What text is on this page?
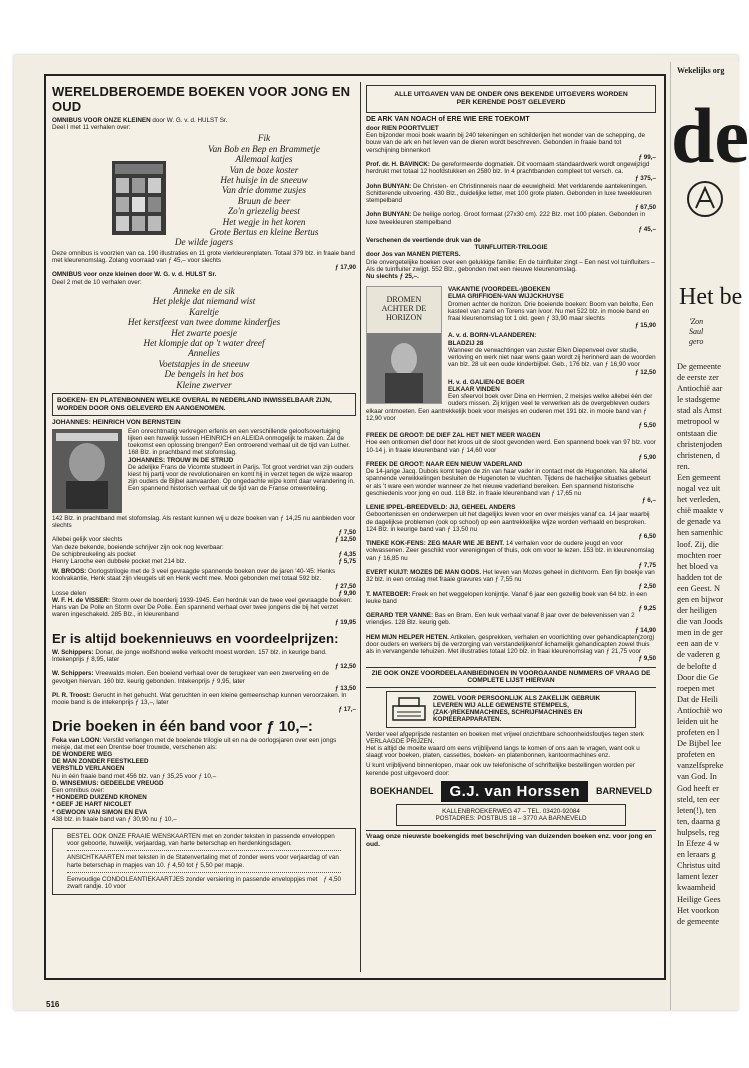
WERELDBEROEMDE BOEKEN VOOR JONG EN OUD

OMNIBUS VOOR ONZE KLEINEN door W. G. v. d. HULST Sr.

Deel I met 11 verhalen over:

Fik

Van Bob en Bep en Brammetje

Allemaal katjes

Van de boze koster

Het huisje in de sneeuw

Van drie domme zusjes

Bruun de beer

Zo'n griezelig beest

Het wegje in het koren

Grote Bertus en kleine Bertus

De wilde jagers

Deze omnibus is voorzien van ca. 190 illustraties en 11 grote vierkleurenplaten. Totaal 379 blz. in fraaie band met kleurenomslag. Zolang voorraad van ƒ 45,– voor slechts

ƒ 17,90

OMNIBUS voor onze kleinen door W. G. v. d. HULST Sr.

Deel 2 met de 10 verhalen over:

Anneke en de sik

Het plekje dat niemand wist

Kareltje

Het kerstfeest van twee domme kinderfjes

Het zwarte poesje

Het klompje dat op 't water dreef

Annelies

Voetstapjes in de sneeuw

De bengels in het bos

Kleine zwerver

BOEKEN- EN PLATENBONNEN WELKE OVERAL IN NEDERLAND INWISSELBAAR ZIJN, WORDEN DOOR ONS GELEVERD EN AANGENOMEN.

JOHANNES: HEINRICH VON BERNSTEIN

Een onrechtmatig verkregen erfenis en een verschillende geloofsovertuiging lijken een huwelijk tussen HEINRICH en ALEIDA onmogelijk te maken. Zal de toekomst een oplossing brengen? Een ontroerend verhaal uit de tijd van Luther. 168 Blz. in prachtband met stofomslag.

JOHANNES: TROUW IN DE STRIJD

De adelijke Frans de Vicomte studeert in Parijs. Tot groot verdriet van zijn ouders kiest hij partij voor de revolutionairen en komt hij in verzet tegen de wijze waarop zijn ouders de Bijbel aanvaarden. Op ongedachte wijze komt daar verandering in. Een spannend historisch verhaal uit de tijd van de Franse omwenteling.

142 Blz. in prachtband met stofomslag. Als restant kunnen wij u deze boeken van ƒ 14,25 nu aanbieden voor slechts

ƒ 7,50
Allebei gelijk voor slechts	ƒ 12,50

Van deze bekende, boeiende schrijver zijn ook nog leverbaar:

De schipbreukeling als pocket	ƒ 4,35
Henry Laroche een dubbele pocket met 214 blz.	ƒ 5,75

W. BROOS: Oorlogstrilogie met de 3 veel gevraagde spannende boeken over de jaren '40-'45: Henks koolvakantie, Henk staat zijn vleugels uit en Henk vecht mee. Mooi gebonden met totaal 592 blz.

ƒ 27,50
Losse delen	ƒ 9,90

W. F. H. de VISSER: Storm over de boerderij 1939-1945. Een herdruk van de twee veel gevraagde boeken: Hans van De Polle en Storm over De Polle. Een spannend verhaal over twee jongens die bij het verzet waren ingeschakeld. 285 Blz., in kleurenband

ƒ 19,95
Er is altijd boekennieuws en voordeelprijzen:

W. Schippers: Donar, de jonge wolfshond welke verkocht moest worden. 157 blz. in keurige band. Intekenprijs ƒ 8,95, later

ƒ 12,50

W. Schippers: Vreewalds molen. Een boeiend verhaal over de terugkeer van een zwerveling en de gevolgen hiervan. 160 blz. keurig gebonden. Intekenprijs ƒ 9,95, later

ƒ 13,50

Pl. R. Troost: Gerucht in het gehucht. Wat geruchten in een kleine gemeenschap kunnen veroorzaken. In mooie band is de intekenprijs ƒ 13,–, later

ƒ 17,–
Drie boeken in één band voor ƒ 10,–:

Foka van LOON: Verstild verlangen met de boeiende trilogie uit en na de oorlogsjaren over een jongs meisje, dat met een Drentse boer trouwde, verschenen als:

DE WONDERE WEG

DE MAN ZONDER FEESTKLEED

VERSTILD VERLANGEN

Nu in één fraaie band met 456 blz. van ƒ 35,25 voor ƒ 10,–

D. WINSEMIUS: GEDEELDE VREUGD

Een omnibus over:

* HONDERD DUIZEND KRONEN

* GEEF JE HART NICOLET

* GEWOON VAN SIMON EN EVA

438 blz. in fraaie band van ƒ 30,90 nu ƒ 10,–

BESTEL OOK ONZE FRAAIE WENSKAARTEN met en zonder teksten in passende enveloppen voor geboorte, huwelijk, verjaardag, van harte beterschap en herdenkingsdagen.

ANSICHTKAARTEN met teksten in de Statenvertaling met of zonder wens voor verjaardag of van harte beterschap in mapjes van 10. ƒ 4,50 tot ƒ 5,50 per mapje.

Eenvoudige CONDOLEANTIEKAARTJES zonder versiering in passende enveloppjes met zwart randje. 10 voor
ƒ 4,50
ALLE UITGAVEN VAN DE ONDER ONS BEKENDE UITGEVERS WORDEN PER KERENDE POST GELEVERD

DE ARK VAN NOACH of ERE WIE ERE TOEKOMT

door RIEN POORTVLIET

Een bijzonder mooi boek waarin bij 240 tekeningen en schilderijen het wonder van de schepping, de bouw van de ark en het leven van de dieren wordt beschreven. Gebonden in fraaie band tot verschijning binnenkort

ƒ 99,–

Prof. dr. H. BAVINCK: De gereformeerde dogmatiek. Dit voornaam standaardwerk wordt ongewijzigd herdrukt met totaal 12 hoofdstukken en 2580 blz. In 4 prachtbanden compleet tot versch. ca.

ƒ 375,–

John BUNYAN: De Christen- en Christinnereis naar de eeuwigheid. Met verklarende aantekeningen. Schitterende uitvoering. 430 Blz., duidelijke letter, met 100 grote platen. Gebonden in luxe tweekleuren stempelband

ƒ 67,50

John BUNYAN: De heilige oorlog. Groot formaat (27x30 cm). 222 Blz. met 100 platen. Gebonden in luxe tweekleuren stempelband

ƒ 45,–

Verschenen de veertiende druk van de

TUINFLUITER-TRILOGIE

door Jos van MANEN PIETERS.

Drie onvergetelijke boeken over een gelukkige familie: En de tuinfluiter zingt – Een nest vol tuinfluiters – Als de tuinfluiter zwijgt. 552 Blz., gebonden met een nieuwe kleurenomslag.

Nu slechts ƒ 25,–.

DROMEN ACHTER DE HORIZON

VAKANTIE (VOORDEEL-)BOEKEN

ELMA GRIFFIOEN-VAN WIJJCKHUYSE

Dromen achter de horizon. Drie boeiende boeken: Boom van belofte, Een kasteel van zand en Torens van ivoor. Nu met 522 blz. in mooie band en fraai kleurenomslag tot 1 okt. geen ƒ 33,90 maar slechts

ƒ 15,90

A. v. d. BORN-VLAANDEREN:

BLADZIJ 28

Wanneer de verwachtingen van zuster Ellen Diepenveel over studie, verloving en werk niet naar wens gaan wordt zij herinnerd aan de woorden van blz. 28 uit een oude kinderbijbel. Geb., 176 blz. van ƒ 16,90 voor

ƒ 12,50

H. v. d. GALIEN-DE BOER

ELKAAR VINDEN

Een sfeervol boek over Dina en Hermien, 2 meisjes welke allebei één der ouders missen. Zij krijgen veel te verwerken als de overgebleven ouders elkaar ontmoeten. Een aantrekkelijk boek voor meisjes en ouderen met 191 blz. in mooie band van ƒ 12,90 voor

ƒ 5,50

FREEK DE GROOT: DE DIEF ZAL HET NIET MEER WAGEN

Hoe een ontkomen dief door het kroos uit de sloot gevonden werd. Een spannend boek van 97 blz. voor 10-14 j. in fraaie kleurenband van ƒ 14,60 voor

ƒ 5,90

FREEK DE GROOT: NAAR EEN NIEUW VADERLAND

De 14-jarige Jacq. Dubois komt tegen de zin van haar vader in contact met de Hugenoten. Na allerlei spannende verwikkelingen besluiten de Hugenoten te vluchten. Tijdens de hachelijke situaties gebeurt er als 't ware een wonder wanneer ze het nieuwe vaderland bereiken. Een spannend historische geschiedenis voor jong en oud. 118 Blz. in fraaie kleurenband van ƒ 17,65 nu

ƒ 6,–

LENIE IPPEL-BREEDVELD: JIJ, GEHEEL ANDERS

Geboortenissen en onderwerpen uit het dagelijks leven voor en over meisjes vanaf ca. 14 jaar waarbij de dagelijkse problemen (ook op school) op een aantrekkelijke wijze worden verhaald en besproken. 124 Blz. in keurige band van ƒ 13,50 nu

ƒ 6,50

TINEKE KOK-FENS: ZEG MAAR WIE JE BENT. 14 verhalen voor de oudere jeugd en voor volwassenen. Zeer geschikt voor verenigingen of thuis, ook om voor te lezen. 153 blz. in kleurenomslag van ƒ 16,85 nu

ƒ 7,75

EVERT KUIJT: MOZES DE MAN GODS. Het leven van Mozes geheel in dichtvorm. Een fijn boekje van 32 blz. in een omslag met fraaie gravures van ƒ 7,55 nu

ƒ 2,50

T. MATEBOER: Freek en het weggelopen konijntje. Vanaf 6 jaar een gezellig boek van 64 blz. in een leuke band

ƒ 9,25

GERARD TER VANNE: Bas en Bram. Een leuk verhaal vanaf 8 jaar over de belevenissen van 2 vriendjes. 128 Blz. keurig geb.

ƒ 14,90

HEM MIJN HELPER HETEN. Artikelen, gesprekken, verhalen en voorlichting over gehandicapten(zorg) door ouders en werkers bij de verzorging van verstandelijken/of lichamelijk gehandicapten zowel thuis als in vervangende tehuizen. Met illustraties totaal 120 blz. in fraai kleurenomslag van ƒ 21,75 voor

ƒ 9,50

ZIE OOK ONZE VOORDEELAANBIEDINGEN IN VOORGAANDE NUMMERS OF VRAAG DE COMPLETE LIJST HIERVAN

ZOWEL VOOR PERSOONLIJK ALS ZAKELIJK GEBRUIK LEVEREN WIJ ALLE GEWENSTE STEMPELS, (ZAK-)REKENMACHINES, SCHRIJFMACHINES EN KOPIEERAPPARATEN.

Verder veel afgeprijsde restanten en boeken met vrijwel onzichtbare schoonheidsfoutjes tegen sterk VERLAAGDE PRIJZEN.

Het is altijd de moeite waard om eens vrijblijvend langs te komen of ons aan te vragen, want ook u slaagt voor boeken, platen, cassettes, boeken- en platenbonnen, kantoormachines enz.

U kunt vrijblijvend binnenlopen, maar ook uw telefonische of schriftelijke bestellingen worden per kerende post uitgevoerd door:

BOEKHANDEL	G.J. van Horssen	BARNEVELD

KALLENBROEKERWEG 47 – TEL. 03420-92084

POSTADRES: POSTBUS 18 – 3770 AA BARNEVELD

Vraag onze nieuwste boekengids met beschrijving van duizenden boeken enz. voor jong en oud.

516
Wekelijks org
de
Het be
'Zon
Saul
gero
De gemeente
de eerste zer
Antiochië aar
le stadsgeme
stad als Amst
metropool w
ontstaan die
christenjoden
christenen, d
ren.
Een gemeent
nogal vez uit
het verleden,
chië maakte v
de genade va
hen samenhic
loof. Zij, die
mochten roer
het bloed va
hadden tot de
een Geest. N
gen en bijwor
der heiligen
die van Joods
men in de ger
een aan de v
de vaderen g
de belofte d
Door die Ge
roepen met
Dat de Heili
Antiochië wo
leiden uit he
profeten en l
De Bijbel lee
profeten en
vanzelfspreke
van God. In
God heeft er
steld, ten eer
leten(!), ten
ten, daarna g
hulpsels, reg
In Efeze 4 w
en leraars g
Christus uitd
lament lezer
kwaamheid
Heilige Gees
Het voorkon
de gemeente
